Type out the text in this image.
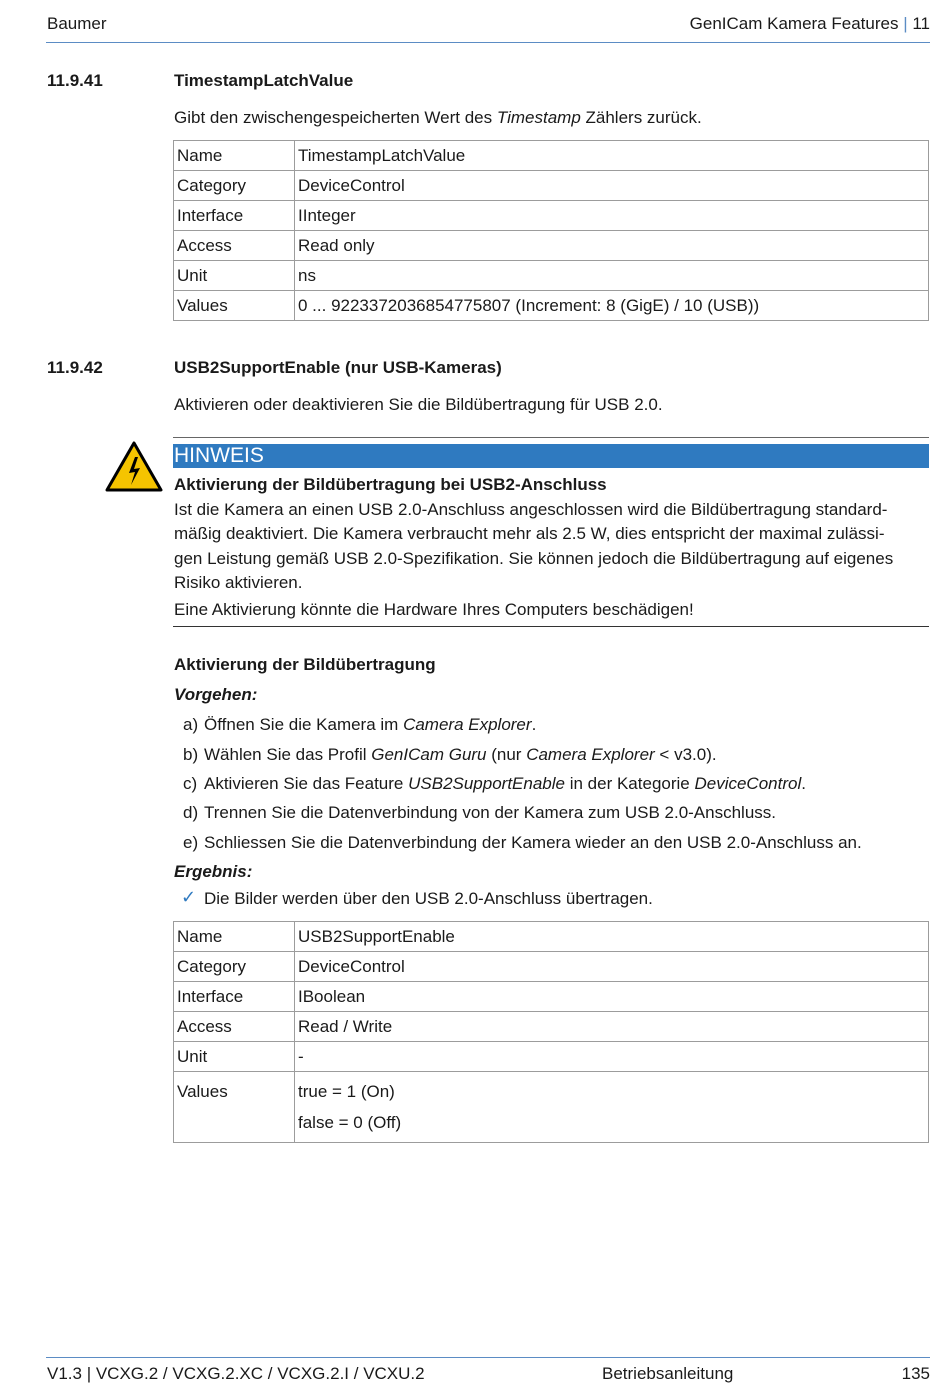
Baumer	GenICam Kamera Features | 11
11.9.41	TimestampLatchValue
Gibt den zwischengespeicherten Wert des Timestamp Zählers zurück.
Name	TimestampLatchValue
Category	DeviceControl
Interface	IInteger
Access	Read only
Unit	ns
Values	0 ... 9223372036854775807 (Increment: 8 (GigE) / 10 (USB))
11.9.42	USB2SupportEnable (nur USB-Kameras)
Aktivieren oder deaktivieren Sie die Bildübertragung für USB 2.0.
HINWEIS
Aktivierung der Bildübertragung bei USB2-Anschluss
Ist die Kamera an einen USB 2.0-Anschluss angeschlossen wird die Bildübertragung standard-
mäßig deaktiviert. Die Kamera verbraucht mehr als 2.5 W, dies entspricht der maximal zulässi-
gen Leistung gemäß USB 2.0-Spezifikation. Sie können jedoch die Bildübertragung auf eigenes
Risiko aktivieren.
Eine Aktivierung könnte die Hardware Ihres Computers beschädigen!
Aktivierung der Bildübertragung
Vorgehen:
a) Öffnen Sie die Kamera im Camera Explorer.
b) Wählen Sie das Profil GenICam Guru (nur Camera Explorer < v3.0).
c) Aktivieren Sie das Feature USB2SupportEnable in der Kategorie DeviceControl.
d) Trennen Sie die Datenverbindung von der Kamera zum USB 2.0-Anschluss.
e) Schliessen Sie die Datenverbindung der Kamera wieder an den USB 2.0-Anschluss an.
Ergebnis:
✓ Die Bilder werden über den USB 2.0-Anschluss übertragen.
Name	USB2SupportEnable
Category	DeviceControl
Interface	IBoolean
Access	Read / Write
Unit	-
Values	true = 1 (On)
false = 0 (Off)
V1.3 | VCXG.2 / VCXG.2.XC / VCXG.2.I / VCXU.2	Betriebsanleitung	135
